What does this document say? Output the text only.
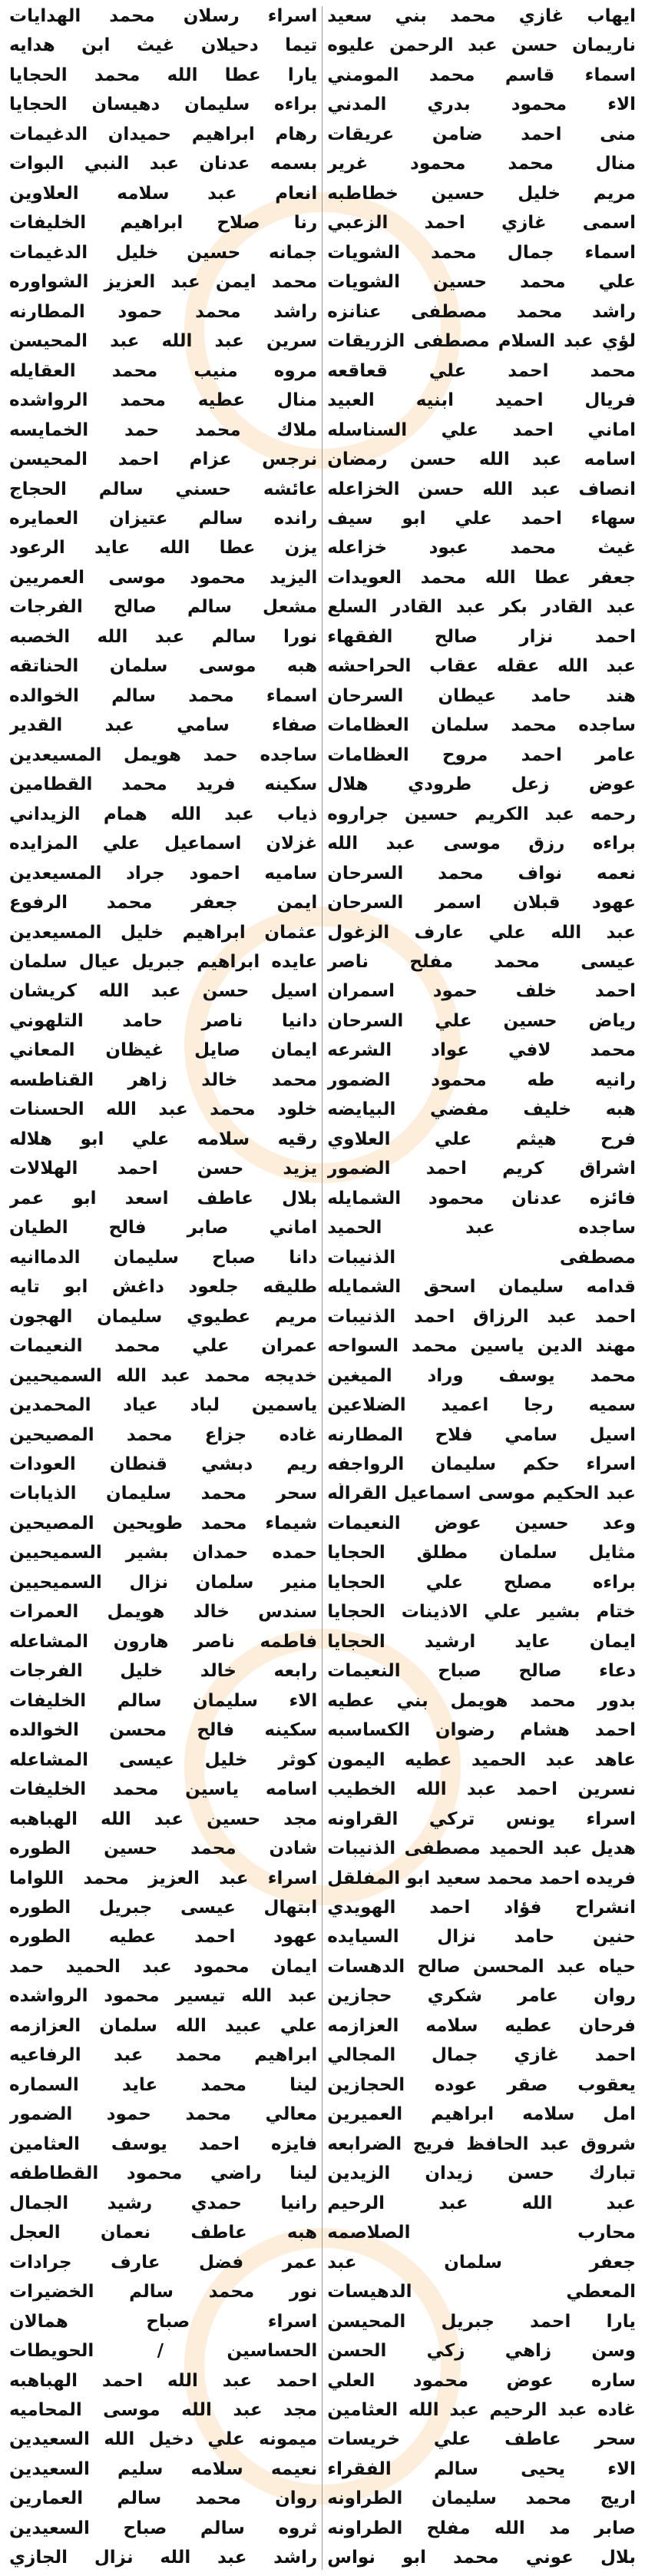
ايهاب غازي محمد بني سعيد
ناريمان حسن عبد الرحمن عليوه
اسماء قاسم محمد المومني
الاء محمود بدري المدني
منى احمد ضامن عريقات
منال محمد محمود غرير
مريم خليل حسين خطاطبه
اسمى غازي احمد الزعبي
اسماء جمال محمد الشويات
علي محمد حسين الشويات
راشد محمد مصطفى عنانزه
لؤي عبد السلام مصطفى الزريقات
محمد احمد علي قعاقعه
فريال احميد ابنيه العبيد
اماني احمد علي السناسله
اسامه عبد الله حسن رمضان
انصاف عبد الله حسن الخزاعله
سهاء احمد علي ابو سيف
غيث محمد عبود خزاعله
جعفر عطا الله محمد العويدات
عبد القادر بكر عبد القادر السلع
احمد نزار صالح الفقهاء
عبد الله عقله عقاب الحراحشه
هند حامد عيطان السرحان
ساجده محمد سلمان العظامات
عامر احمد مروح العظامات
عوض زعل طرودي هلال
رحمه عبد الكريم حسين جراروه
براءه رزق موسى عبد الله
نعمه نواف محمد السرحان
عهود قبلان اسمر السرحان
عبد الله علي عارف الزغول
عيسى محمد مفلح ناصر
احمد خلف حمود اسمران
رياض حسين علي السرحان
محمد لافي عواد الشرعه
رانيه طه محمود الضمور
هبه خليف مفضي البيايضه
فرح هيثم علي العلاوي
اشراق كريم احمد الضمور
فائزه عدنان محمود الشمايله
ساجده عبد الحميد
مصطفى الذنيبات
قدامه سليمان اسحق الشمايله
احمد عبد الرزاق احمد الذنيبات
مهند الدين ياسين محمد السواحه
محمد يوسف وراد الميغين
سميه رجا اعميد الضلاعين
اسيل سامي فلاح المطارنه
اسراء حكم سليمان الرواجفه
عبد الحكيم موسى اسماعيل القرالّه
وعد حسين عوض النعيمات
مثايل سلمان مطلق الحجايا
براءه مصلح علي الحجايا
ختام بشير علي الاذينات الحجايا
ايمان عايد ارشيد الحجايا
دعاء صالح صباح النعيمات
بدور محمد هويمل بني عطيه
احمد هشام رضوان الكساسبه
عاهد عبد الحميد عطيه اليمون
نسرين احمد عبد الله الخطيب
اسراء يونس تركي القراونه
هديل عبد الحميد مصطفى الذنيبات
فريده احمد محمد سعيد ابو المفلقل
انشراح فؤاد احمد الهويدي
حنين حامد نزال السيايده
حياه عبد المحسن صالح الدهسات
روان عامر شكري حجازين
فرحان عطيه سلامه العزازمه
احمد غازي جمال المجالي
يعقوب صقر عوده الحجازين
امل سلامه ابراهيم العميرين
شروق عبد الحافظ فريج الضرابعه
تبارك حسن زيدان الزيدين
عبد الله عبد الرحيم
محارب الصلاصمه
جعفر سلمان عبد
المعطي الدهيسات
يارا احمد جبريل المحيسن
وسن زاهي زكي الحسن
ساره عوض محمود العلي
غاده عبد الرحيم عبد الله العثامين
سحر عاطف علي خريسات
الاء يحيى سالم الفقراء
اريج محمد سليمان الطراونه
صابر مد الله مفلح الطراونه
بلال عوني محمد ابو نواس
اسراء رسلان محمد الهدايات
تيما دحيلان غيث ابن هدايه
يارا عطا الله محمد الحجايا
براءه سليمان دهيسان الحجايا
رهام ابراهيم حميدان الدغيمات
بسمه عدنان عبد النبي البوات
انعام عبد سلامه العلاوين
رنا صلاح ابراهيم الخليفات
جمانه حسين خليل الدغيمات
محمد ايمن عبد العزيز الشواوره
راشد محمد حمود المطارنه
سرين عبد الله عبد المحيسن
مروه منيب محمد العقايله
منال عطيه محمد الرواشده
ملاك محمد حمد الخمايسه
نرجس عزام احمد المحيسن
عائشه حسني سالم الحجاج
رانده سالم عتيزان العمايره
يزن عطا الله عايد الرعود
اليزيد محمود موسى العمريين
مشعل سالم صالح الفرجات
نورا سالم عبد الله الخصبه
هبه موسى سلمان الحناتقه
اسماء محمد سالم الخوالده
صفاء سامي عبد القدير
ساجده حمد هويمل المسيعدين
سكينه فريد محمد القطامين
ذياب عبد الله همام الزيداني
غزلان اسماعيل علي المزايده
ساميه احمود جراد المسيعدين
ايمن جعفر محمد الرفوع
عثمان ابراهيم خليل المسيعدين
عايده ابراهيم جبريل عيال سلمان
اسيل حسن عبد الله كريشان
دانيا ناصر حامد التلهوني
ايمان صايل غيظان المعاني
محمد خالد زاهر القناطسه
خلود محمد عبد الله الحسنات
رقيه سلامه علي ابو هلاله
يزيد حسن احمد الهلالات
بلال عاطف اسعد ابو عمر
اماني صابر فالح الطيان
دانا صباح سليمان الدماانيه
طليقه جلعود داغش ابو تايه
مريم عطيوي سليمان الهجون
عمران علي محمد النعيمات
خديجه محمد عبد الله السميحيين
ياسمين لباد عياد المحمدين
غاده جزاع محمد المصيحين
ريم دبشي قنطان العودات
سحر محمد سليمان الذيابات
شيماء محمد طويحين المصيحين
حمده حمدان بشير السميحيين
منير سلمان نزال السميحيين
سندس خالد هويمل العمرات
فاطمه ناصر هارون المشاعله
رابعه خالد خليل الفرجات
الاء سليمان سالم الخليفات
سكينه فالح محسن الخوالده
كوثر خليل عيسى المشاعله
اسامه ياسين محمد الخليفات
مجد حسين عبد الله الهباهبه
شادن محمد حسين الطوره
اسراء عبد العزيز محمد اللواما
ابتهال عيسى جبريل الطوره
عهود احمد عطيه الطوره
ايمان محمود عبد الحميد حمد
عبد الله تيسير محمود الرواشده
علي عبيد الله سلمان العزازمه
ابراهيم محمد عبد الرفاعيه
لينا محمد عايد السماره
معالي محمد حمود الضمور
فايزه احمد يوسف العثامين
لينا راضي محمود القطاطفه
رانيا حمدي رشيد الجمال
هبه عاطف نعمان العجل
عمر فضل عارف جرادات
نور محمد سالم الخضيرات
اسراء صباح همالان
الحساسين / الحويطات
احمد عبد الله احمد الهباهبه
مجد عبد الله موسى المحاميه
ميمونه علي دخيل الله السعيدين
نعيمه سلامه سليم السعيدين
روان محمد سالم العمارين
ثروه سالم صباح السعيدين
راشد عبد الله نزال الجازي
